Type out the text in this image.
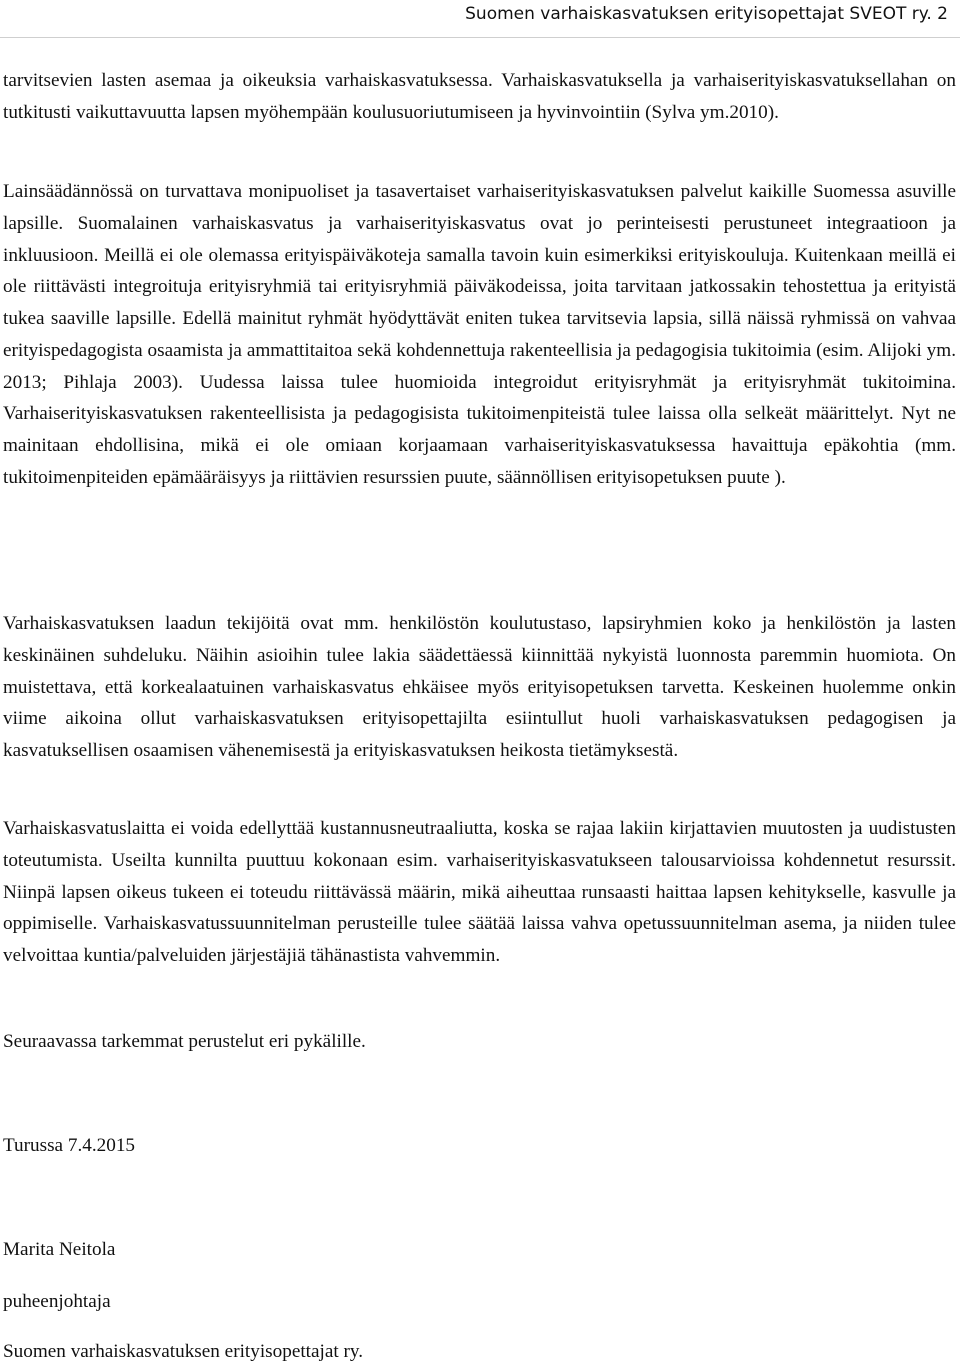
Suomen varhaiskasvatuksen erityisopettajat SVEOT ry. 2

tarvitsevien lasten asemaa ja oikeuksia varhaiskasvatuksessa. Varhaiskasvatuksella ja varhaiserityiskasvatuksellahan on tutkitusti vaikuttavuutta lapsen myöhempään koulusuoriutumiseen ja hyvinvointiin (Sylva ym.2010).

Lainsäädännössä on turvattava monipuoliset ja tasavertaiset varhaiserityiskasvatuksen palvelut kaikille Suomessa asuville lapsille. Suomalainen varhaiskasvatus ja varhaiserityiskasvatus ovat jo perinteisesti perustuneet integraatioon ja inkluusioon. Meillä ei ole olemassa erityispäiväkoteja samalla tavoin kuin esimerkiksi erityiskouluja. Kuitenkaan meillä ei ole riittävästi integroituja erityisryhmiä tai erityisryhmiä päiväkodeissa, joita tarvitaan jatkossakin tehostettua ja erityistä tukea saaville lapsille. Edellä mainitut ryhmät hyödyttävät eniten tukea tarvitsevia lapsia, sillä näissä ryhmissä on vahvaa erityispedagogista osaamista ja ammattitaitoa sekä kohdennettuja rakenteellisia ja pedagogisia tukitoimia (esim. Alijoki ym. 2013; Pihlaja 2003). Uudessa laissa tulee huomioida integroidut erityisryhmät ja erityisryhmät tukitoimina. Varhaiserityiskasvatuksen rakenteellisista ja pedagogisista tukitoimenpiteistä tulee laissa olla selkeät määrittelyt. Nyt ne mainitaan ehdollisina, mikä ei ole omiaan korjaamaan varhaiserityiskasvatuksessa havaittuja epäkohtia (mm. tukitoimenpiteiden epämääräisyys ja riittävien resurssien puute, säännöllisen erityisopetuksen puute ).

Varhaiskasvatuksen laadun tekijöitä ovat mm. henkilöstön koulutustaso, lapsiryhmien koko ja henkilöstön ja lasten keskinäinen suhdeluku. Näihin asioihin tulee lakia säädettäessä kiinnittää nykyistä luonnosta paremmin huomiota. On muistettava, että korkealaatuinen varhaiskasvatus ehkäisee myös erityisopetuksen tarvetta. Keskeinen huolemme onkin viime aikoina ollut varhaiskasvatuksen erityisopettajilta esiintullut huoli varhaiskasvatuksen pedagogisen ja kasvatuksellisen osaamisen vähenemisestä ja erityiskasvatuksen heikosta tietämyksestä.

Varhaiskasvatuslaitta ei voida edellyttää kustannusneutraaliutta, koska se rajaa lakiin kirjattavien muutosten ja uudistusten toteutumista. Useilta kunnilta puuttuu kokonaan esim. varhaiserityiskasvatukseen talousarvioissa kohdennetut resurssit. Niinpä lapsen oikeus tukeen ei toteudu riittävässä määrin, mikä aiheuttaa runsaasti haittaa lapsen kehitykselle, kasvulle ja oppimiselle. Varhaiskasvatussuunnitelman perusteille tulee säätää laissa vahva opetussuunnitelman asema, ja niiden tulee velvoittaa kuntia/palveluiden järjestäjiä tähänastista vahvemmin.

Seuraavassa tarkemmat perustelut eri pykälille.

Turussa 7.4.2015
Marita Neitola
puheenjohtaja
Suomen varhaiskasvatuksen erityisopettajat ry.
